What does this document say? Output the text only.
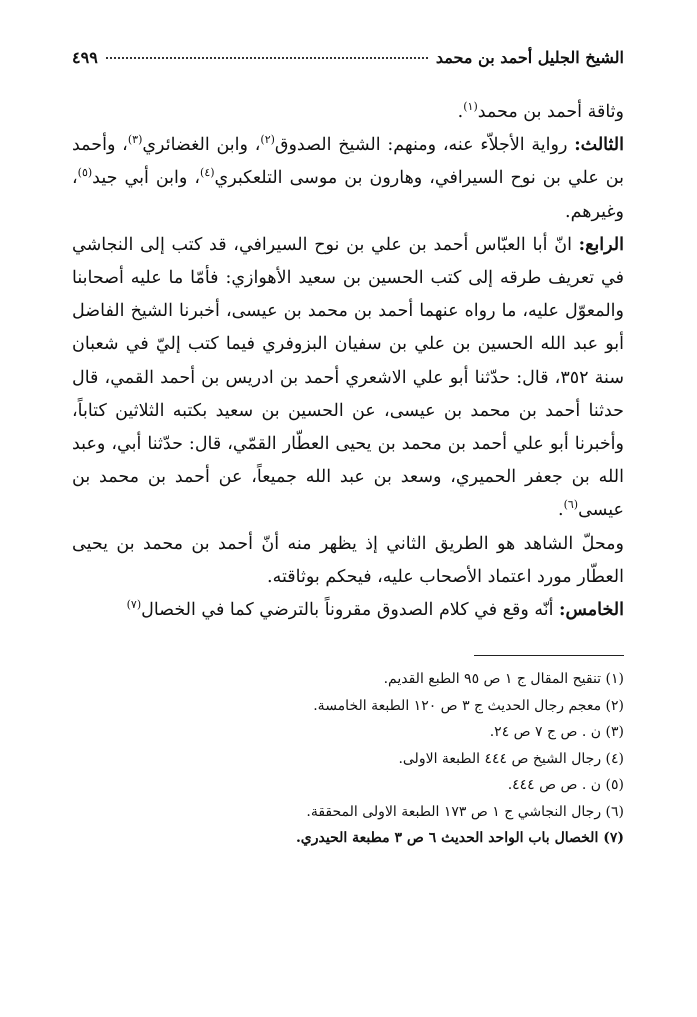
الشيخ الجليل أحمد بن محمد
٤٩٩

وثاقة أحمد بن محمد$^{(١)}$.

الثالث: رواية الأجلاّء عنه، ومنهم: الشيخ الصدوق$^{(٢)}$، وابن الغضائري$^{(٣)}$، وأحمد بن علي بن نوح السيرافي، وهارون بن موسى التلعكبري$^{(٤)}$، وابن أبي جيد$^{(٥)}$، وغيرهم.

الرابع: انّ أبا العبّاس أحمد بن علي بن نوح السيرافي، قد كتب إلى النجاشي في تعريف طرقه إلى كتب الحسين بن سعيد الأهوازي: فأمّا ما عليه أصحابنا والمعوّل عليه، ما رواه عنهما أحمد بن محمد بن عيسى، أخبرنا الشيخ الفاضل أبو عبد الله الحسين بن علي بن سفيان البزوفري فيما كتب إليّ في شعبان سنة ٣٥٢، قال: حدّثنا أبو علي الاشعري أحمد بن ادريس بن أحمد القمي، قال حدثنا أحمد بن محمد بن عيسى، عن الحسين بن سعيد بكتبه الثلاثين كتاباً، وأخبرنا أبو علي أحمد بن محمد بن يحيى العطّار القمّي، قال: حدّثنا أبي، وعبد الله بن جعفر الحميري، وسعد بن عبد الله جميعاً، عن أحمد بن محمد بن عيسى$^{(٦)}$.

ومحلّ الشاهد هو الطريق الثاني إذ يظهر منه أنّ أحمد بن محمد بن يحيى العطّار مورد اعتماد الأصحاب عليه، فيحكم بوثاقته.

الخامس: أنّه وقع في كلام الصدوق مقروناً بالترضي كما في الخصال$^{(٧)}$

(١) تنقيح المقال ج ١ ص ٩٥ الطبع القديم.
(٢) معجم رجال الحديث ج ٣ ص ١٢٠ الطبعة الخامسة.
(٣) ن . ص ج ٧ ص ٢٤.
(٤) رجال الشيخ ص ٤٤٤ الطبعة الاولى.
(٥) ن . ص ص ٤٤٤.
(٦) رجال النجاشي ج ١ ص ١٧٣ الطبعة الاولى المحققة.
(٧) الخصال باب الواحد الحديث ٦ ص ٣ مطبعة الحيدري.
